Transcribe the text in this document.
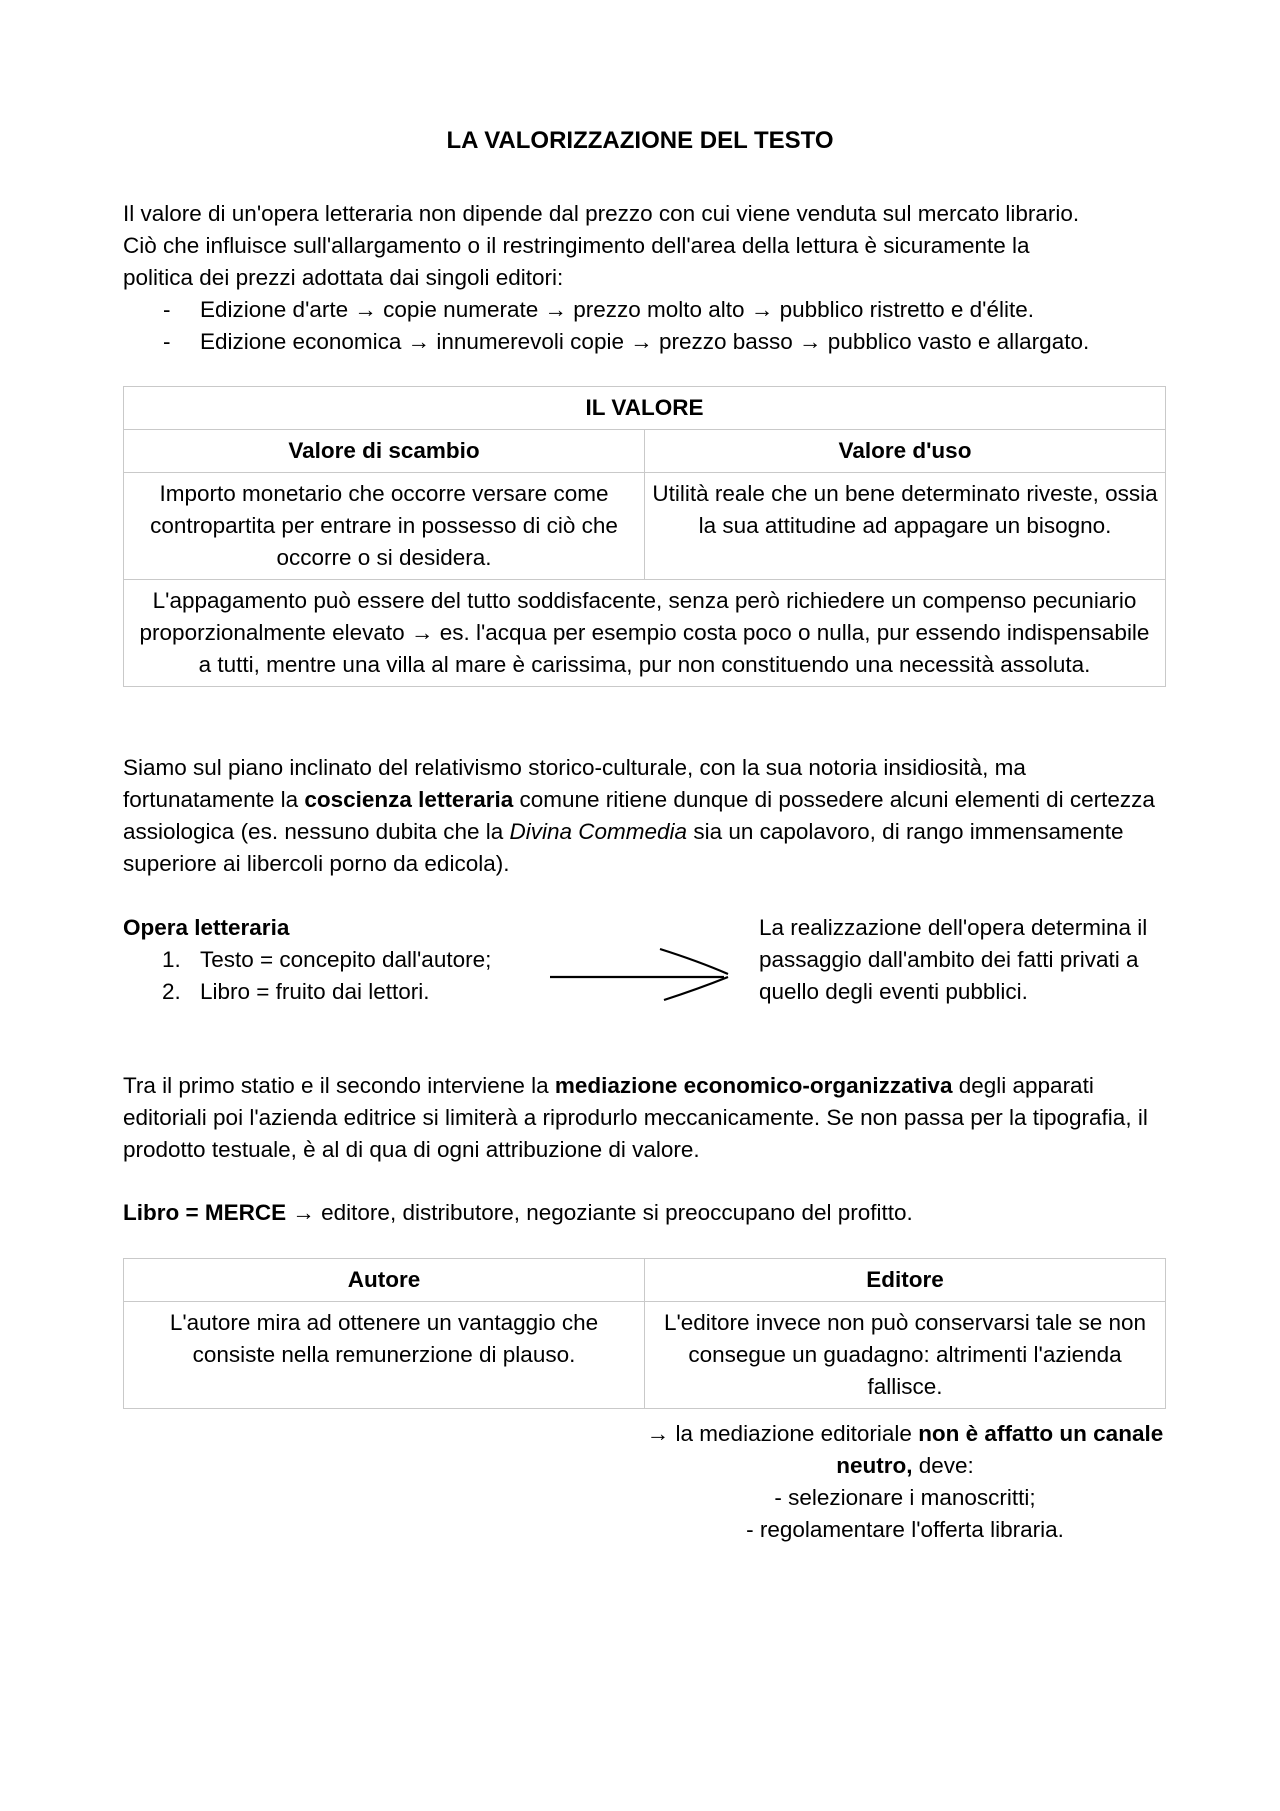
LA VALORIZZAZIONE DEL TESTO
Il valore di un'opera letteraria non dipende dal prezzo con cui viene venduta sul mercato librario.
Ciò che influisce sull'allargamento o il restringimento dell'area della lettura è sicuramente la
politica dei prezzi adottata dai singoli editori:
- Edizione d'arte → copie numerate → prezzo molto alto → pubblico ristretto e d'élite.
- Edizione economica → innumerevoli copie → prezzo basso → pubblico vasto e allargato.
IL VALORE	
Valore di scambio	Valore d'uso
Importo monetario che occorre versare come contropartita per entrare in possesso di ciò che occorre o si desidera.	Utilità reale che un bene determinato riveste, ossia la sua attitudine ad appagare un bisogno.
L'appagamento può essere del tutto soddisfacente, senza però richiedere un compenso pecuniario proporzionalmente elevato → es. l'acqua per esempio costa poco o nulla, pur essendo indispensabile a tutti, mentre una villa al mare è carissima, pur non constituendo una necessità assoluta.	

Siamo sul piano inclinato del relativismo storico-culturale, con la sua notoria insidiosità, ma fortunatamente la coscienza letteraria comune ritiene dunque di possedere alcuni elementi di certezza assiologica (es. nessuno dubita che la Divina Commedia sia un capolavoro, di rango immensamente superiore ai libercoli porno da edicola).

Opera letteraria
1. Testo = concepito dall'autore;
2. Libro = fruito dai lettori.
La realizzazione dell'opera determina il passaggio dall'ambito dei fatti privati a quello degli eventi pubblici.

Tra il primo statio e il secondo interviene la mediazione economico-organizzativa degli apparati editoriali poi l'azienda editrice si limiterà a riprodurlo meccanicamente. Se non passa per la tipografia, il prodotto testuale, è al di qua di ogni attribuzione di valore.

Libro = MERCE → editore, distributore, negoziante si preoccupano del profitto.
Autore	Editore
L'autore mira ad ottenere un vantaggio che consiste nella remunerzione di plauso.	L'editore invece non può conservarsi tale se non consegue un guadagno: altrimenti l'azienda fallisce.
→ la mediazione editoriale non è affatto un canale neutro, deve:
- selezionare i manoscritti;
- regolamentare l'offerta libraria.
